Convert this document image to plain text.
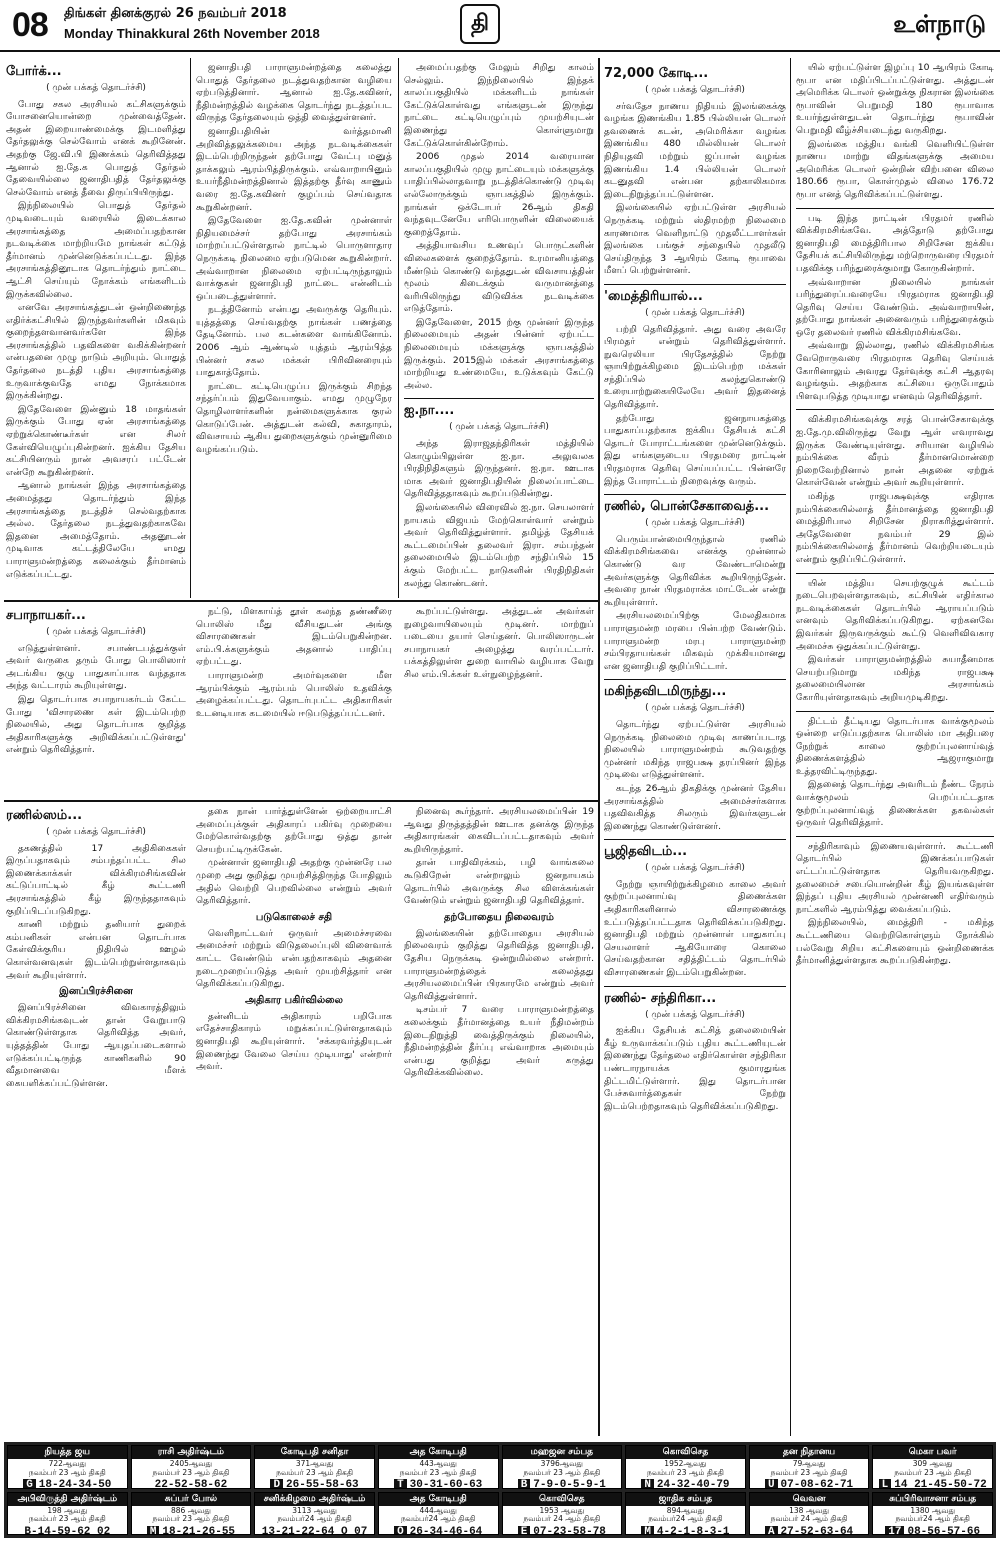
08 திங்கள் தினக்குரல் 26 நவம்பர் 2018
Monday Thinakkural 26th November 2018	தி	உள்நாடு
போர்க்...
( முன் பக்கத் தொடர்ச்சி)

போது சகல அரசியல் கட்சிகளுக்கும் யோசனையொன்றை முன்வைத்தேன். அதன் இறையாண்மைக்கு இடமளித்து தேர்தலுக்கு செல்வோம் எனக் கூறினேன். அதற்கு ஜே.வி.பி இணக்கம் தெரிவித்தது ஆனால் ஐ.தே.க பொதுத் தேர்தல் தேவையில்லை ஜனாதிபதித் தேர்தலுக்கு செல்வோம் எனத் தீவை திருப்பியிருந்து.

இந்நிலையில் பொதுத் தேர்தல் முடிவடையும் வரையில் இடைக்கால அரசாங்கத்தை அமைப்பதற்கான நடவடிக்கை மாற்றியமே நாங்கள் கட்டுத் தீர்மானம் முன்னெடுக்கப்பட்டது. இந்த அரசாங்கத்தினூடாக தொடர்ந்தும் நாட்டை ஆட்சி செய்யும் நோக்கம் எங்களிடம் இருக்கவில்லை.

எனவே அரசாங்கத்துடன் ஒன்றிணைந்த எதிர்க்கட்சியில் இருந்தவர்களின் மிகவும் குறைந்தளவானவர்களே இந்த அரசாங்கத்தில் பதவிகளை வகிக்கின்றனர் என்பதனை முழு நாடும் அறியும். பொதுத் தேர்தலை நடத்தி புதிய அரசாங்கத்தை உருவாக்குவதே எமது நோக்கமாக இருக்கின்றது.

இதேவேளை இன்னும் 18 மாதங்கள் இருக்கும் போது ஏன் அரசாங்கத்தை ஏற்றுக்கொண்டீர்கள் என சிலர் கேள்வியெழுப்புகின்றனர். ஐக்கிய தேசிய கட்சியினரும் நான் அவசரப் பட்டேன் என்றே கூறுகின்றனர்.

ஆனால் நாங்கள் இந்த அரசாங்கத்தை அமைத்தது தொடர்ந்தும் இந்த அரசாங்கத்தை நடத்திச் செல்வதற்காக அல்ல. தேர்தலை நடத்துவதற்காகவே இதனை அமைத்தோம். அதனூடன் முடிவாக கட்டத்திலேயே எமது பாராளுமன்றத்தை கலைக்கும் தீர்மானம் எடுக்கப்பட்டது.

ஜனாதிபதி பாராளுமன்றத்தை கலைத்து பொதுத் தேர்தலை நடத்துவதற்கான வழியை ஏற்படுத்தினார். ஆனால் ஐ.தே.கவினர், நீதிமன்றத்தில் வழக்கை தொடர்ந்து நடத்தப்பட விருந்த தேர்தலையும் ஒத்தி வைத்துள்ளனர்.

ஜனாதிபதியின் வர்த்தமானி அறிவித்தலுக்கமைய அந்த நடவடிக்கைகள் இடம்பெற்றிருந்தன் தற்போது வேட்பு மனுத் தாக்கலும் ஆரம்பித்திருக்கும். எவ்வாறாயினும் உயர்நீதிமன்றத்தினால் இத்தற்கு தீர்வு காணும் வரை ஐ.தே.கவினர் குழப்பம் செய்வதாக கூறுகின்றனர்.

இதேவேளை ஐ.தே.கவின் முன்னாள் நிதியமைச்சர் தற்போது அரசாங்கம் மாற்றப்பட்டுள்ளதால் நாட்டில் பொருளாதார நெருக்கடி நிலைமை ஏற்படுமென கூறுகின்றார். அவ்வாறான நிலைமை ஏற்பட்டிருந்தாலும் வாக்குகள் ஜனாதிபதி நாட்டை என்னிடம் ஒப்படைத்துள்ளார்.

நடத்தினோம் என்பது அவருக்கு தெரியும். யுத்தத்தை செய்வதற்கு நாங்கள் பணத்தை தேடினோம். பல கடன்களை வாங்கினோம். 2006 ஆம் ஆண்டில் யுத்தம் ஆரம்பித்த பின்னர் சகல மக்கள் பிரிவினரையும் பாதுகாத்தோம்.

நாட்டை கட்டியெழுப்ப இருக்கும் சிறந்த சந்தர்ப்பம் இதுவேயாகும். எமது முழுநேர தொழிலாளர்களின் நன்மைகளுக்காக குரல் கொடுப்பேன். அத்துடன் கல்வி, சுகாதாரம், விவசாயம் ஆகிய துறைகளுக்கும் முன்னுரிமை வழங்கப்படும்.

அமைப்பதற்கு மேலும் சிறிது காலம் செல்லும். இந்நிலையில் இந்தக் காலப்பகுதியில் மக்களிடம் நாங்கள் கேட்டுக்கொள்வது எங்களுடன் இருந்து நாட்டை கட்டியெழுப்பும் முயற்சியுடன் இணைந்து கொள்ளுமாறு கேட்டுக்கொள்கின்றோம்.

2006 முதல் 2014 வரையான காலப்பகுதியில் முழு நாட்டையும் மக்களுக்கு பாதிப்பில்லாதவாறு நடத்திக்கொண்டு முடிவு எல்லோருக்கும் ஞாபகத்தில் இருக்கும். நாங்கள் ஒக்டோபர் 26ஆம் திகதி வந்தவுடனேயே எரிபொருளின் விலையைக் குறைத்தோம்.

அத்தியாவசிய உணவுப் பொருட்களின் விலைகளைக் குறைத்தோம். உரமானியத்தை மீண்டும் கொண்டு வந்ததுடன் விவசாயத்தின் மூலம் கிடைக்கும் வருமானத்தை வரியிலிருந்து விடுவிக்க நடவடிக்கை எடுத்தோம்.

இதேவேளை, 2015 ற்கு முன்னர் இருந்த நிலைமையும் அதன் பின்னர் ஏற்பட்ட நிலைமையும் மக்களுக்கு ஞாபகத்தில் இருக்கும். 2015இல் மக்கள் அரசாங்கத்தை மாற்றியது உண்மையே, உடுக்கவும் கேட்டு அல்ல.

ஐ.நா....
( முன் பக்கத் தொடர்ச்சி)

அந்த இராஜதந்திரிகள் மத்தியில் கொழும்பிலுள்ள ஐ.நா. அலுவலக பிரதிநிதிகளும் இருந்தனர். ஐ.நா. ஊடாக மாக அவர் ஜனாதிபதியின் நிலைப்பாட்டை தெரிவித்ததாகவும் கூறப்படுகின்றது.

இலங்கையில் விரைவில் ஐ.நா. செயலாளர் நாயகம் விஜயம் மேற்கொள்வார் என்றும் அவர் தெரிவித்துள்ளார். தமிழ்த் தேசியக் கூட்டமைப்பின் தலைவர் இரா. சம்பந்தன் தலைமையில் இடம்பெற்ற சந்திப்பில் 15 க்கும் மேற்பட்ட நாடுகளின் பிரதிநிதிகள் கலந்து கொண்டனர்.

72,000 கோடி...
( முன் பக்கத் தொடர்ச்சி)

சர்வதேச நாணய நிதியம் இலங்கைக்கு வழங்க இணங்கிய 1.85 பில்லியன் டொலர் தவணைக் கடன், அமெரிக்கா வழங்க இணங்கிய 480 மில்லியன் டொலர் நிதியுதவி மற்றும் ஜப்பான் வழங்க இணங்கிய 1.4 பில்லியன் டொலர் கடனுதவி என்பன தற்காலிகமாக இடைநிறுத்தப்பட்டுள்ளன.

இலங்கையில் ஏற்பட்டுள்ள அரசியல் நெருக்கடி மற்றும் ஸ்திரமற்ற நிலைமை காரணமாக வெளிநாட்டு முதலீட்டாளர்கள் இலங்கை பங்குச் சந்தையில் முதலீடு செய்திருந்த 3 ஆயிரம் கோடி ரூபாவை மீளப் பெற்றுள்ளனர்.

'மைத்திரியால்...
( முன் பக்கத் தொடர்ச்சி)

பற்றி தெரிவித்தார். அது வரை அவரே பிரமதர் என்றும் தெரிவித்துள்ளார். நுவரெலியா பிரதேசத்தில் நேற்று ஞாயிற்றுக்கிழமை இடம்பெற்ற மக்கள் சந்திப்பில் கலந்துகொண்டு உரையாற்றுகையிலேயே அவர் இதனைத் தெரிவித்தார்.

தற்போது ஜனநாயகத்தை பாதுகாப்பதற்காக ஐக்கிய தேசியக் கட்சி தொடர் போராட்டங்களை முன்னெடுக்கும். இது எங்களுடைய பிரதமரை நாட்டின் பிரதமராக தெரிவு செய்யப்பட்ட பின்னரே இந்த போராட்டம் நிறைவுக்கு வரும்.

ரணில், பொன்சேகாவைத்...
( முன் பக்கத் தொடர்ச்சி)

பெரும்பான்மையிருந்தால் ரணில் விக்கிரமசிங்கவை எனக்கு முன்னால் கொண்டு வர வேண்டாமென்று அவர்களுக்கு தெரிவிக்க கூறியிருந்தேன். அவரை நான் பிரதமராக்க மாட்டேன் என்று கூறியுள்ளார்.

அரசியலமைப்பிற்கு மேலதிகமாக பாராளுமன்ற மரபை பின்பற்ற வேண்டும். பாராளுமன்ற மரபு பாராளுமன்ற சம்பிரதாயங்கள் மிகவும் முக்கியமானது என ஜனாதிபதி குறிப்பிட்டார்.

மகிந்தவிடமிருந்து...
( முன் பக்கத் தொடர்ச்சி)

தொடர்ந்து ஏற்பட்டுள்ள அரசியல் நெருக்கடி நிலைமை முடிவு காணப்படாத நிலையில் பாராளுமன்றம் கூடுவதற்கு முன்னர் மகிந்த ராஜபக்ஷ தரப்பினர் இந்த முடிவை எடுத்துள்ளனர்.

கடந்த 26ஆம் திகதிக்கு முன்னர் தேசிய அரசாங்கத்தில் அமைச்சர்களாக பதவிவகித்த சிலரும் இவர்களுடன் இணைந்து கொண்டுள்ளனர்.

பூஜிதவிடம்...
( முன் பக்கத் தொடர்ச்சி)

நேற்று ஞாயிற்றுக்கிழமை காலை அவர் குற்றப்புலனாய்வு திணைக்கள அதிகாரிகளினால் விசாரணைக்கு உட்படுத்தப்பட்டதாக தெரிவிக்கப்படுகிறது. ஜனாதிபதி மற்றும் முன்னாள் பாதுகாப்பு செயலாளர் ஆகியோரை கொலை செய்வதற்கான சதித்திட்டம் தொடர்பில் விசாரணைகள் இடம்பெறுகின்றன.

ரணில்- சந்திரிகா...
( முன் பக்கத் தொடர்ச்சி)

ஐக்கிய தேசியக் கட்சித் தலைமையின் கீழ் உருவாக்கப்படும் புதிய கூட்டணியுடன் இணைந்து தேர்தலை எதிர்கொள்ள சந்திரிகா பண்டாரநாயக்க குமாரதுங்க திட்டமிட்டுள்ளார். இது தொடர்பான பேச்சுவார்த்தைகள் நேற்று இடம்பெற்றதாகவும் தெரிவிக்கப்படுகிறது.

யில் ஏற்பட்டுள்ள இழப்பு 10 ஆயிரம் கோடி ரூபா என மதிப்பிடப்பட்டுள்ளது. அத்துடன் அமெரிக்க டொலர் ஒன்றுக்கு நிகரான இலங்கை ரூபாவின் பெறுமதி 180 ரூபாவாக உயர்ந்துள்ளதுடன் தொடர்ந்து ரூபாவின் பெறுமதி வீழ்ச்சியடைந்து வருகிறது.

இலங்கை மத்திய வங்கி வெளியிட்டுள்ள நாணய மாற்று விதங்களுக்கு அமைய அமெரிக்க டொலர் ஒன்றின் விற்பனை விலை 180.66 ரூபா, கொள்முதல் விலை 176.72 ரூபா எனத் தெரிவிக்கப்பட்டுள்ளது.

படி இந்த நாட்டின் பிரதமர் ரணில் விக்கிரமசிங்கவே. அத்தோடு தற்போது ஜனாதிபதி மைத்திரிபால சிறிசேன ஐக்கிய தேசியக் கட்சியிலிருந்து மற்றொருவரை பிரதமர் பதவிக்கு பரிந்துரைக்குமாறு கோருகின்றார்.

அவ்வாறான நிலையில் நாங்கள் பரிந்துரைப்பவரையே பிரதமராக ஜனாதிபதி தெரிவு செய்ய வேண்டும். அவ்வாறாயின், தற்போது நாங்கள் அனைவரும் பரிந்துரைக்கும் ஒரே தலைவர் ரணில் விக்கிரமசிங்கவே.

அவ்வாறு இல்லாது, ரணில் விக்கிரமசிங்க வேறொருவரை பிரதமராக தெரிவு செய்யக் கோரினாலும் அவரது தேர்வுக்கு கட்சி ஆதரவு வழங்கும். அதற்காக கட்சியை ஒருபோதும் பிளவுபடுத்த முடியாது எனவும் தெரிவித்தார்.

விக்கிரமசிங்கவுக்கு சரத் பொன்சேகாவுக்கு ஐ.தே.மு.விலிருந்து வேறு ஆள் எவராவது இருக்க வேண்டியுள்ளது. சரியான வழியில் நம்பிக்கை வீரம் தீர்மானமொன்றை நிறைவேற்றினால் நான் அதனை ஏற்றுக் கொள்வேன் என்றும் அவர் கூறியுள்ளார்.

மகிந்த ராஜபக்ஷவுக்கு எதிராக நம்பிக்கையில்லாத் தீர்மானத்தை ஜனாதிபதி மைத்திரிபால சிறிசேன நிராகரித்துள்ளார். அதேவேளை நவம்பர் 29 இல் நம்பிக்கையில்லாத் தீர்மானம் வெற்றியடையும் என்றும் குறிப்பிட்டுள்ளார்.

யின் மத்திய செயற்குழுக் கூட்டம் நடைபெறவுள்ளதாகவும், கட்சியின் எதிர்கால நடவடிக்கைகள் தொடர்பில் ஆராயப்படும் எனவும் தெரிவிக்கப்படுகிறது. ஏற்கனவே இவர்கள் இருவருக்கும் கூட்டு வெளிவிவகார அமைச்சு ஒதுக்கப்பட்டுள்ளது.

இவர்கள் பாராளுமன்றத்தில் சுயாதீனமாக செயற்படுமாறு மகிந்த ராஜபக்ஷ தலைமையிலான அரசாங்கம் கோரியுள்ளதாகவும் அறியமுடிகிறது.

திட்டம் தீட்டியது தொடர்பாக வாக்குமூலம் ஒன்றை எடுப்பதற்காக பொலிஸ் மா அதிபரை நேற்றுக் காலை குற்றப்புலனாய்வுத் திணைக்களத்தில் ஆஜராகுமாறு உத்தரவிட்டிருந்தது.

இதனைத் தொடர்ந்து அவரிடம் நீண்ட நேரம் வாக்குமூலம் பெறப்பட்டதாக குற்றப்புலனாய்வுத் திணைக்கள தகவல்கள் ஒருவர் தெரிவித்தார்.

சந்திரிகாவும் இணையவுள்ளார். கூட்டணி தொடர்பில் இணக்கப்பாடுகள் எட்டப்பட்டுள்ளதாக தெரியவருகிறது. தலைமைச் சபையொன்றின் கீழ் இயங்கவுள்ள இந்தப் புதிய அரசியல் முன்னணி எதிர்வரும் நாட்களில் ஆரம்பித்து வைக்கப்படும்.

இந்நிலையில், மைத்திரி - மகிந்த கூட்டணியை வெற்றிகொள்ளும் நோக்கில் பல்வேறு சிறிய கட்சிகளையும் ஒன்றிணைக்க தீர்மானித்துள்ளதாக கூறப்படுகின்றது.

சபாநாயகர்...
( முன் பக்கத் தொடர்ச்சி)

எடுத்துள்ளனர். சபாண்டபத்துக்குள் அவர் வருகை தரும் போது பொலிஸார் அடங்கிய குழு பாதுகாப்பாக வந்ததாக அந்த வட்டாரம் கூறியுள்ளது.

இது தொடர்பாக சபாநாயகர்டம் கேட்ட போது 'விசாரணை கள் இடம்பெற்ற நிலையில், அது தொடர்பாக குறித்த அதிகாரிகளுக்கு அறிவிக்கப்பட்டுள்ளது' என்றும் தெரிவித்தார்.

நட்டு, மிளகாய்த் தூள் கலந்த தண்ணீரை பொலிஸ் மீது வீசியதுடன் அங்கு விசாரணைகள் இடம்பெறுகின்றன. எம்.பி.க்களுக்கும் அதனால் பாதிப்பு ஏற்பட்டது.

பாராளுமன்ற அமர்வுகளை மீள ஆரம்பிக்கும் ஆரம்பம் பொலிஸ் உதவிக்கு அழைக்கப்பட்டது. தொடர்புபட்ட அதிகாரிகள் உடனடியாக கடமையில் ஈடுபடுத்தப்பட்டனர்.

கூறப்பட்டுள்ளது. அத்துடன் அவர்கள் நுழைவாயிலையும் மூடினர். மாற்றுப் படையை தயார் செய்தனர். பொலிஸாருடன் சபாநாயகர் அழைத்து வரப்பட்டார். பக்கத்திலுள்ள துறை வாயில் வழியாக வேறு சில எம்.பி.க்கள் உள்நுழைந்தனர்.

ரணில்ஸம்...
( முன் பக்கத் தொடர்ச்சி)

தகணத்தில் 17 அதிகிகைகள் இருப்பதாகவும் சம்பந்தப்பட்ட சில இணைக்காக்கள் விக்கிரமசிங்கவின் கட்டுப்பாட்டில் கீழ் கூட்டணி அரசாங்கத்தில் கீழ் இருந்ததாகவும் குறிப்பிடப்படுகிறது.

காணி மற்றும் தனியார் துறைக் கம்பனிகள் என்பன தொடர்பாக கேள்விக்குரிய நிதியில் ஊழல் கொள்வனவுகள் இடம்பெற்றுள்ளதாகவும் அவர் கூறியுள்ளார்.

இனப்பிரச்சினை

இனப்பிரச்சினை விவகாரத்திலும் விக்கிரமசிங்கவுடன் தான் வேறுபாடு கொண்டுள்ளதாக தெரிவித்த அவர், யுத்தத்தின் போது ஆயுதப்படைகளால் எடுக்கப்பட்டிருந்த காணிகளில் 90 வீதமானவை மீளக் கையளிக்கப்பட்டுள்ளன.

தகை நான் பார்த்துள்ளேன் ஒற்றையாட்சி அமைப்புக்குள் அதிகாரப் பகிர்வு முறையை மேற்கொள்வதற்கு தற்போது ஒத்து தான் செயற்பட்டிருக்கேன்.

முன்னாள் ஜனாதிபதி அதற்கு முன்னரே பல முறை அது குறித்து முயற்சித்திருந்த போதிலும் அதில் வெற்றி பெறவில்லை என்றும் அவர் தெரிவித்தார்.

படுகொலைச் சதி

வெளிநாட்டவர் ஒருவர் அமைச்சரவை அமைச்சர் மற்றும் விடுதலைப்புலி விளைவாக் காட்ட வேண்டும் என்பதற்காகவும் அதனை நடைமுறைப்படுத்த அவர் முயற்சித்தார் என தெரிவிக்கப்படுகிறது.

அதிகார பகிர்வில்லை

தன்னிடம் அதிகாரம் பறிபோக எதேச்சாதிகாரம் மறுக்கப்பட்டுள்ளதாகவும் ஜனாதிபதி கூறியுள்ளார். 'சக்கரவர்த்தியுடன் இணைந்து வேலை செய்ய முடியாது' என்றார் அவர்.

நினைவு கூர்ந்தார். அரசியலமைப்பின் 19 ஆவது திருத்தத்தின் ஊடாக தனக்கு இருந்த அதிகாரங்கள் கைவிடப்பட்டதாகவும் அவர் கூறியிருந்தார்.

தான் பாதிவிரக்கம், பழி வாங்கலை கூடுகிறேன் என்றாலும் ஜனநாயகம் தொடர்பில் அவருக்கு சில விளக்கங்கள் வேண்டும் என்றும் ஜனாதிபதி தெரிவித்தார்.

தற்போதைய நிலைவரம்

இலங்கையின் தற்போதைய அரசியல் நிலைவரம் குறித்து தெரிவித்த ஜனாதிபதி, தேசிய நெருக்கடி ஒன்றுமில்லை என்றார். பாராளுமன்றத்தைக் கலைத்தது அரசியலமைப்பின் பிரகாரமே என்றும் அவர் தெரிவித்துள்ளார்.

டிசம்பர் 7 வரை பாராளுமன்றத்தை கலைக்கும் தீர்மானத்தை உயர் நீதிமன்றம் இடைநிறுத்தி வைத்திருக்கும் நிலையில், நீதிமன்றத்தின் தீர்ப்பு எவ்வாறாக அமையும் என்பது குறித்து அவர் கருத்து தெரிவிக்கவில்லை.

நியத்த ஜய
722ஆவது
நவம்பர் 23 ஆம் திகதி
G 18-24-34-50
ராசி அதிர்ஷ்டம்
2405ஆவது
நவம்பர் 23 ஆம் திகதி
22-52-58-62
கோடிபதி சனிதா
371ஆவது
நவம்பர் 23 ஆம் திகதி
D 26-55-58-63
அத கோடிபதி
443ஆவது
நவம்பர் 23 ஆம் திகதி
T 30-31-60-63
மஹஜன சம்பத
3796ஆவது
நவம்பர் 23 ஆம் திகதி
B 7-9-0-5-9-1
கொவிசெத
1952ஆவது
நவம்பர் 23 ஆம் திகதி
N 24-32-40-79
தன நிதானய
79ஆவது
நவம்பர் 23 ஆம் திகதி
U 07-08-62-71
மெகா பவர்
309 ஆவது
நவம்பர் 23 ஆம் திகதி
L 14 21-45-50-72
அபிவிருத்தி அதிர்ஷ்டம்
198 ஆவது
நவம்பர் 23 ஆம் திகதி
B-14-59-62 02
சுப்பர் போல்
886 ஆவது
நவம்பர் 23 ஆம் திகதி
M 18-21-26-55
சனிக்கிழமை அதிர்ஷ்டம்
3113 ஆவது
நவம்பர்24 ஆம் திகதி
13-21-22-64 O 07
அத கோடிபதி
444ஆவது
நவம்பர்24 ஆம் திகதி
O 26-34-46-64
கொவிசெத
1953 ஆவது
நவம்பர் 24 ஆம் திகதி
E 07-23-58-78
ஜாதிக சம்பத
894ஆவது
நவம்பர்24 ஆம் திகதி
M 4-2-1-8-3-1
வெவன
138 ஆவது
நவம்பர் 24 ஆம் திகதி
A 27-52-63-64
சுப்பிரிவாசனா சம்பத
1380 ஆவது
நவம்பர்24 ஆம் திகதி
17 08-56-57-66
